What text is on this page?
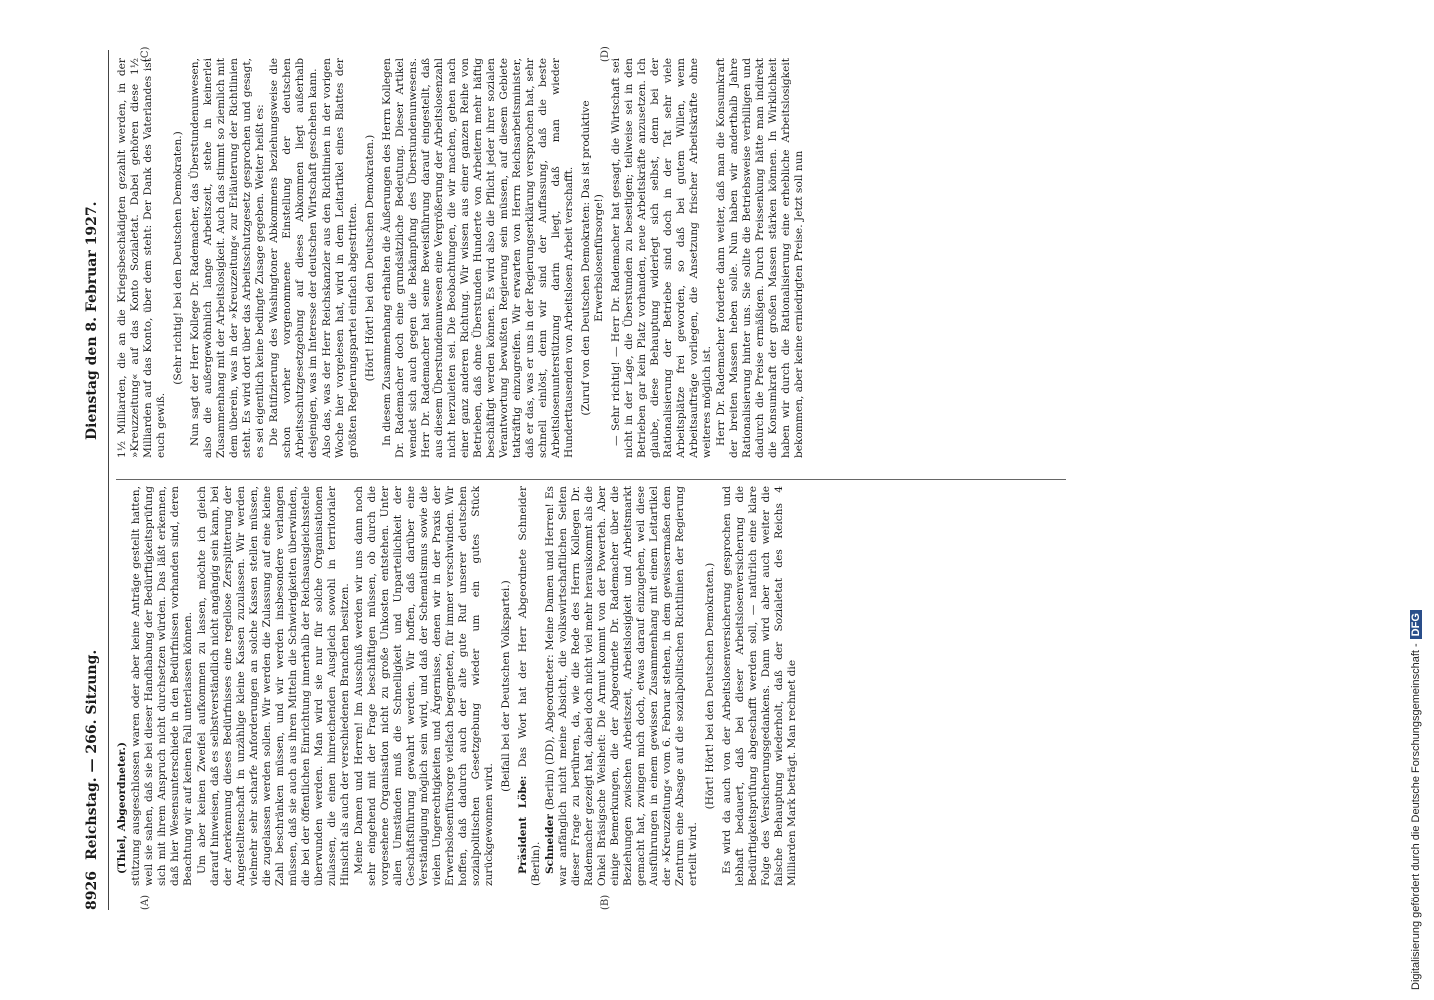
8926
Reichstag. — 266. Sitzung.
Dienstag den 8. Februar 1927.
(A)	(B)
(C)	(D)

(Thiel, Abgeordneter.) stützung ausgeschlossen waren oder aber keine Anträge gestellt hatten, weil sie sahen, daß sie bei dieser Handhabung der Bedürftigkeitsprüfung sich mit ihrem Anspruch nicht durchsetzen würden. Das läßt erkennen, daß hier Wesensunterschiede in den Bedürfnissen vorhanden sind, deren Beachtung wir auf keinen Fall unterlassen können. Um aber keinen Zweifel aufkommen zu lassen, möchte ich gleich darauf hinweisen, daß es selbstverständlich nicht angängig sein kann, bei der Anerkennung dieses Bedürfnisses eine regellose Zersplitterung der Angestelltenschaft in unzählige kleine Kassen zuzulassen. Wir werden vielmehr sehr scharfe Anforderungen an solche Kassen stellen müssen, die zugelassen werden sollen. Wir werden die Zulassung auf eine kleine Zahl beschränken müssen, und wir werden insbesondere verlangen müssen, daß sie auch aus ihren Mitteln die Schwierigkeiten überwinden, die bei der öffentlichen Einrichtung innerhalb der Reichsausgleichsstelle überwunden werden. Man wird sie nur für solche Organisationen zulassen, die einen hinreichenden Ausgleich sowohl in territorialer Hinsicht als auch der verschiedenen Branchen besitzen. Meine Damen und Herren! Im Ausschuß werden wir uns dann noch sehr eingehend mit der Frage beschäftigen müssen, ob durch die vorgesehene Organisation nicht zu große Unkosten entstehen. Unter allen Umständen muß die Schnelligkeit und Unparteilichkeit der Geschäftsführung gewahrt werden. Wir hoffen, daß darüber eine Verständigung möglich sein wird, und daß der Schematismus sowie die vielen Ungerechtigkeiten und Ärgernisse, denen wir in der Praxis der Erwerbslosenfürsorge vielfach begegneten, für immer verschwinden. Wir hoffen, daß dadurch auch der alte gute Ruf unserer deutschen sozialpolitischen Gesetzgebung wieder um ein gutes Stück zurückgewonnen wird.

(Beifall bei der Deutschen Volkspartei.)

Präsident Löbe: Das Wort hat der Herr Abgeordnete Schneider (Berlin). Schneider (Berlin) (DD), Abgeordneter: Meine Damen und Herren! Es war anfänglich nicht meine Absicht, die volkswirtschaftlichen Seiten dieser Frage zu berühren, da, wie die Rede des Herrn Kollegen Dr. Rademacher gezeigt hat, dabei doch nicht viel mehr herauskommt als die Onkel Bräsigsche Weisheit: Die Armut kommt von der Powerteh. Aber einige Bemerkungen, die der Abgeordnete Dr. Rademacher über die Beziehungen zwischen Arbeitszeit, Arbeitslosigkeit und Arbeitsmarkt gemacht hat, zwingen mich doch, etwas darauf einzugehen, weil diese Ausführungen in einem gewissen Zusammenhang mit einem Leitartikel der »Kreuzzeitung« vom 6. Februar stehen, in dem gewissermaßen dem Zentrum eine Absage auf die sozialpolitischen Richtlinien der Regierung erteilt wird.

(Hört! Hört! bei den Deutschen Demokraten.) Es wird da auch von der Arbeitslosenversicherung gesprochen und lebhaft bedauert, daß bei dieser Arbeitslosenversicherung die Bedürftigkeitsprüfung abgeschafft werden soll, — natürlich eine klare Folge des Versicherungsgedankens. Dann wird aber auch weiter die falsche Behauptung wiederholt, daß der Sozialetat des Reichs 4 Milliarden Mark beträgt. Man rechnet die

1½ Milliarden, die an die Kriegsbeschädigten gezahlt werden, in der »Kreuzzeitung« auf das Konto Sozialetat. Dabei gehören diese 1½ Milliarden auf das Konto, über dem steht: Der Dank des Vaterlandes ist euch gewiß.

(Sehr richtig! bei den Deutschen Demokraten.) Nun sagt der Herr Kollege Dr. Rademacher, das Überstundenunwesen, also die außergewöhnlich lange Arbeitszeit, stehe in keinerlei Zusammenhang mit der Arbeitslosigkeit. Auch das stimmt so ziemlich mit dem überein, was in der »Kreuzzeitung« zur Erläuterung der Richtlinien steht. Es wird dort über das Arbeitsschutzgesetz gesprochen und gesagt, es sei eigentlich keine bedingte Zusage gegeben. Weiter heißt es: Die Ratifizierung des Washingtoner Abkommens beziehungsweise die schon vorher vorgenommene Einstellung der deutschen Arbeitsschutzgesetzgebung auf dieses Abkommen liegt außerhalb desjenigen, was im Interesse der deutschen Wirtschaft geschehen kann. Also das, was der Herr Reichskanzler aus den Richtlinien in der vorigen Woche hier vorgelesen hat, wird in dem Leitartikel eines Blattes der größten Regierungspartei einfach abgestritten. (Hört! Hört! bei den Deutschen Demokraten.) In diesem Zusammenhang erhalten die Äußerungen des Herrn Kollegen Dr. Rademacher doch eine grundsätzliche Bedeutung. Dieser Artikel wendet sich auch gegen die Bekämpfung des Überstundenunwesens. Herr Dr. Rademacher hat seine Beweisführung darauf eingestellt, daß aus diesem Überstundenunwesen eine Vergrößerung der Arbeitslosenzahl nicht herzuleiten sei. Die Beobachtungen, die wir machen, gehen nach einer ganz anderen Richtung. Wir wissen aus einer ganzen Reihe von Betrieben, daß ohne Überstunden Hunderte von Arbeitern mehr häftig beschäftigt werden können. Es wird also die Pflicht jeder ihrer sozialen Verantwortung bewußten Regierung sein müssen, auf diesem Gebiete tatkräftig einzugreifen. Wir erwarten von Herrn Reichsarbeitsminister, daß er das, was er uns in der Regierungserklärung versprochen hat, sehr schnell einlöst, denn wir sind der Auffassung, daß die beste Arbeitslosenunterstützung darin liegt, daß man wieder Hunderttausenden von Arbeitslosen Arbeit verschafft. (Zuruf von den Deutschen Demokraten: Das ist produktive Erwerbslosenfürsorge!) — Sehr richtig! — Herr Dr. Rademacher hat gesagt, die Wirtschaft sei nicht in der Lage, die Überstunden zu beseitigen; teilweise sei in den Betrieben gar kein Platz vorhanden, neue Arbeitskräfte anzusetzen. Ich glaube, diese Behauptung widerlegt sich selbst, denn bei der Rationalisierung der Betriebe sind doch in der Tat sehr viele Arbeitsplätze frei geworden, so daß bei gutem Willen, wenn Arbeitsaufträge vorliegen, die Ansetzung frischer Arbeitskräfte ohne weiteres möglich ist. Herr Dr. Rademacher forderte dann weiter, daß man die Konsumkraft der breiten Massen heben solle. Nun haben wir anderthalb Jahre Rationalisierung hinter uns. Sie sollte die Betriebsweise verbilligen und dadurch die Preise ermäßigen. Durch Preissenkung hätte man indirekt die Konsumkraft der großen Massen stärken können. In Wirklichkeit haben wir durch die Rationalisierung eine erhebliche Arbeitslosigkeit bekommen, aber keine erniedrigten Preise. Jetzt soll nun

Digitalisierung gefördert durch die Deutsche Forschungsgemeinschaft -DFG
